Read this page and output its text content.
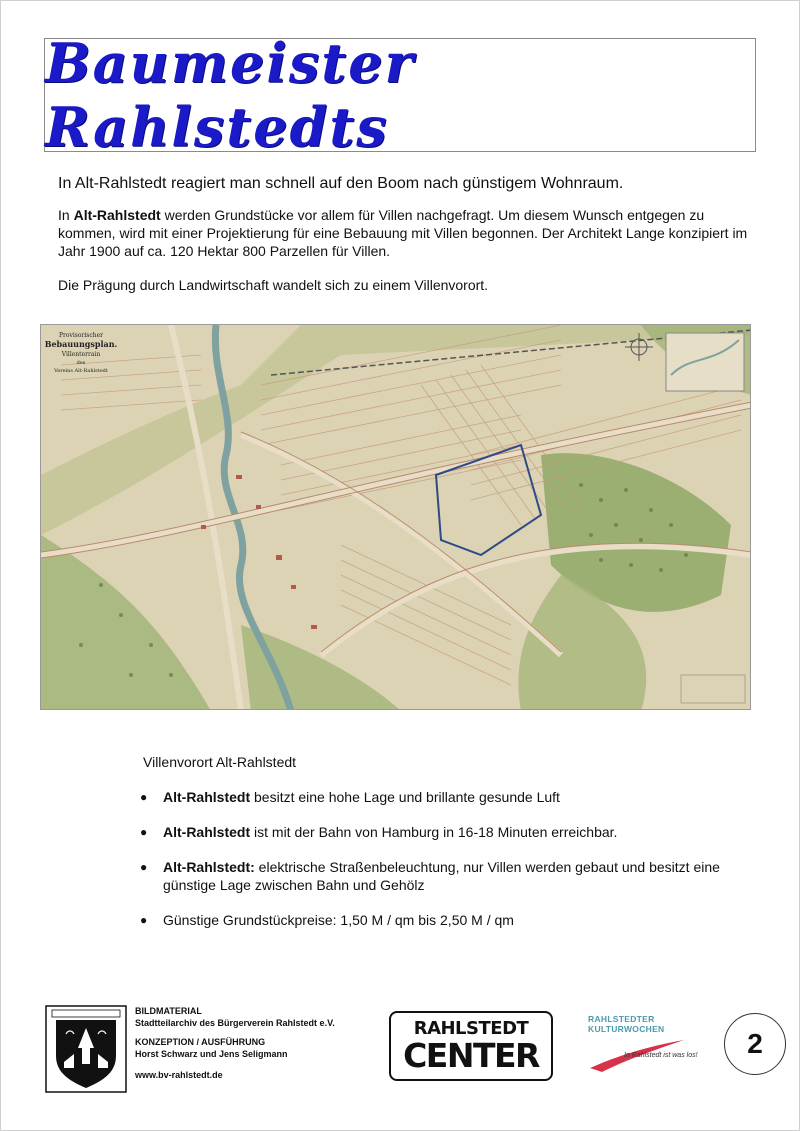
Baumeister Rahlstedts

In Alt-Rahlstedt reagiert man schnell auf den Boom nach günstigem Wohnraum.

In Alt-Rahlstedt werden Grundstücke vor allem für Villen nachgefragt. Um diesem Wunsch entgegen zu kommen, wird mit einer Projektierung für eine Bebauung mit Villen begonnen. Der Architekt Lange konzipiert im Jahr 1900 auf ca. 120 Hektar 800 Parzellen für Villen.

Die Prägung durch Landwirtschaft wandelt sich zu einem Villenvorort.

Provisorischer
Bebauungsplan.
Villenterrain
des
Vereins Alt-Rahlstedt

Villenvorort Alt-Rahlstedt

● Alt-Rahlstedt besitzt eine hohe Lage und brillante gesunde Luft
● Alt-Rahlstedt ist mit der Bahn von Hamburg in 16-18 Minuten erreichbar.
● Alt-Rahlstedt: elektrische Straßenbeleuchtung, nur Villen werden gebaut und besitzt eine günstige Lage zwischen Bahn und Gehölz
● Günstige Grundstückpreise: 1,50 M / qm bis 2,50 M / qm
BILDMATERIAL
Stadtteilarchiv des Bürgerverein Rahlstedt e.V.
KONZEPTION / AUSFÜHRUNG
Horst Schwarz und Jens Seligmann
www.bv-rahlstedt.de
RAHLSTEDT
CENTER
RAHLSTEDTER
KULTURWOCHEN
In Rahlstedt ist was los!	2
